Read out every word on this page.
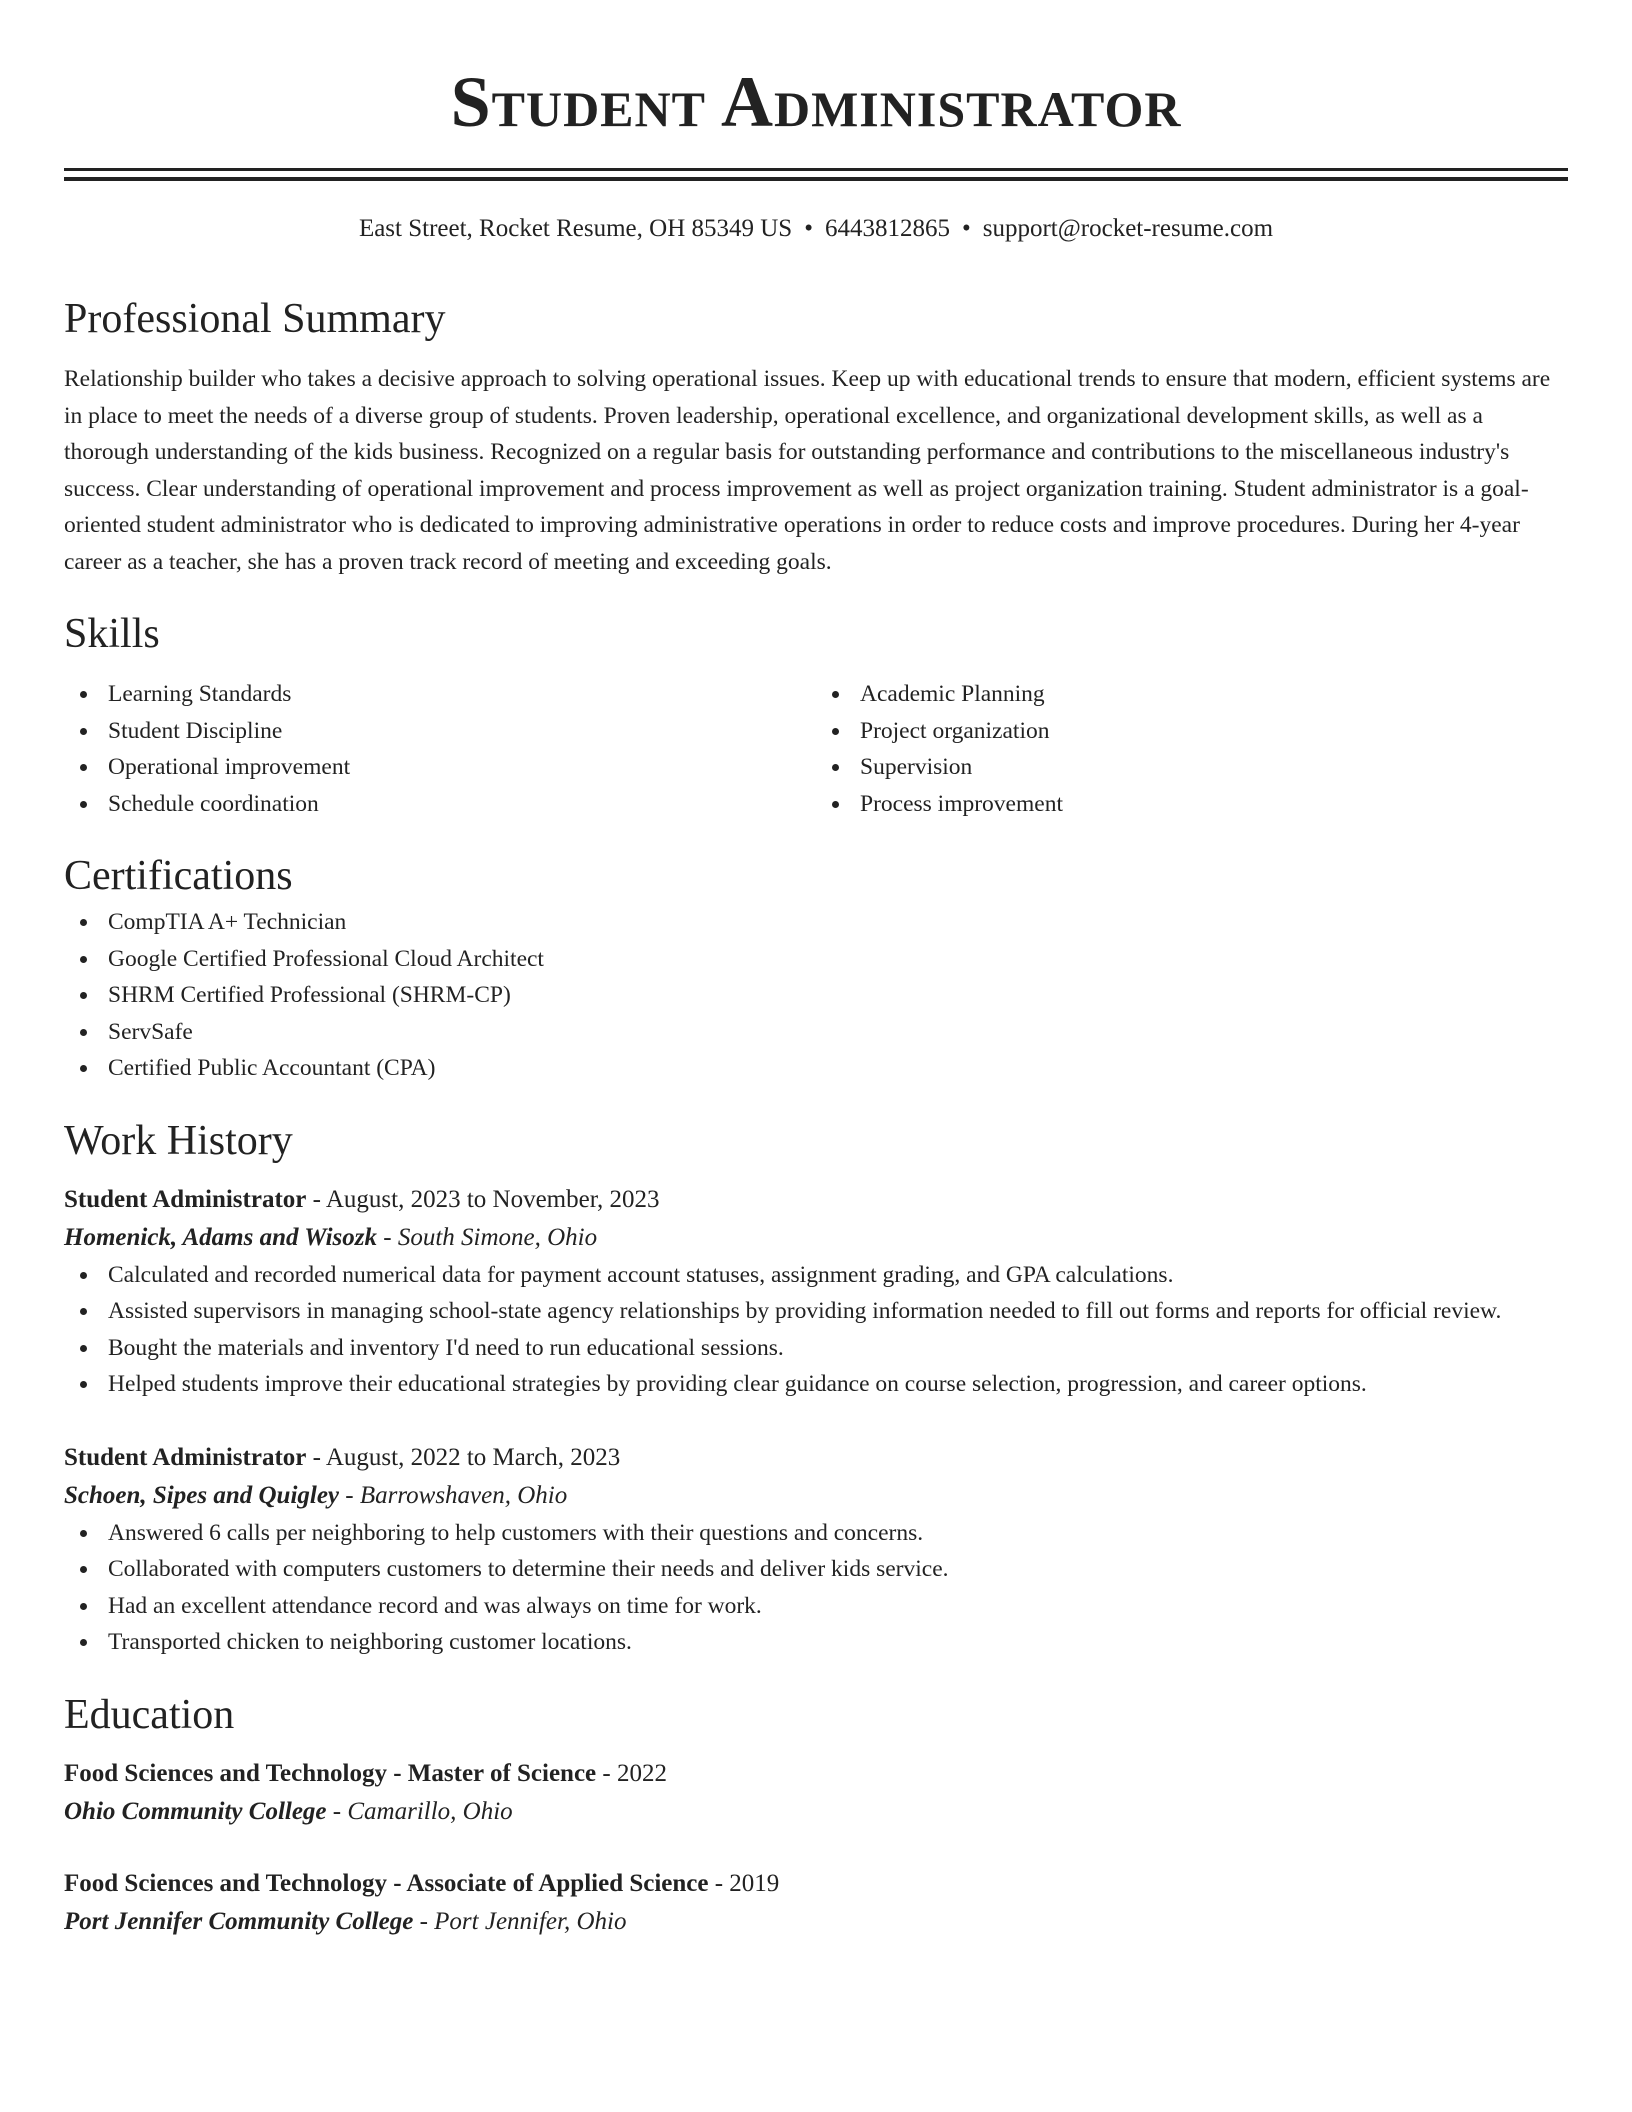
Student Administrator
East Street, Rocket Resume, OH 85349 US • 6443812865 • support@rocket-resume.com
Professional Summary

Relationship builder who takes a decisive approach to solving operational issues. Keep up with educational trends to ensure that modern, efficient systems are in place to meet the needs of a diverse group of students. Proven leadership, operational excellence, and organizational development skills, as well as a thorough understanding of the kids business. Recognized on a regular basis for outstanding performance and contributions to the miscellaneous industry's success. Clear understanding of operational improvement and process improvement as well as project organization training. Student administrator is a goal-oriented student administrator who is dedicated to improving administrative operations in order to reduce costs and improve procedures. During her 4-year career as a teacher, she has a proven track record of meeting and exceeding goals.

Skills
Learning Standards
Student Discipline
Operational improvement
Schedule coordination
Academic Planning
Project organization
Supervision
Process improvement
Certifications
CompTIA A+ Technician
Google Certified Professional Cloud Architect
SHRM Certified Professional (SHRM-CP)
ServSafe
Certified Public Accountant (CPA)
Work History
Student Administrator - August, 2023 to November, 2023
Homenick, Adams and Wisozk - South Simone, Ohio
Calculated and recorded numerical data for payment account statuses, assignment grading, and GPA calculations.
Assisted supervisors in managing school-state agency relationships by providing information needed to fill out forms and reports for official review.
Bought the materials and inventory I'd need to run educational sessions.
Helped students improve their educational strategies by providing clear guidance on course selection, progression, and career options.
Student Administrator - August, 2022 to March, 2023
Schoen, Sipes and Quigley - Barrowshaven, Ohio
Answered 6 calls per neighboring to help customers with their questions and concerns.
Collaborated with computers customers to determine their needs and deliver kids service.
Had an excellent attendance record and was always on time for work.
Transported chicken to neighboring customer locations.
Education
Food Sciences and Technology - Master of Science - 2022
Ohio Community College - Camarillo, Ohio
Food Sciences and Technology - Associate of Applied Science - 2019
Port Jennifer Community College - Port Jennifer, Ohio
